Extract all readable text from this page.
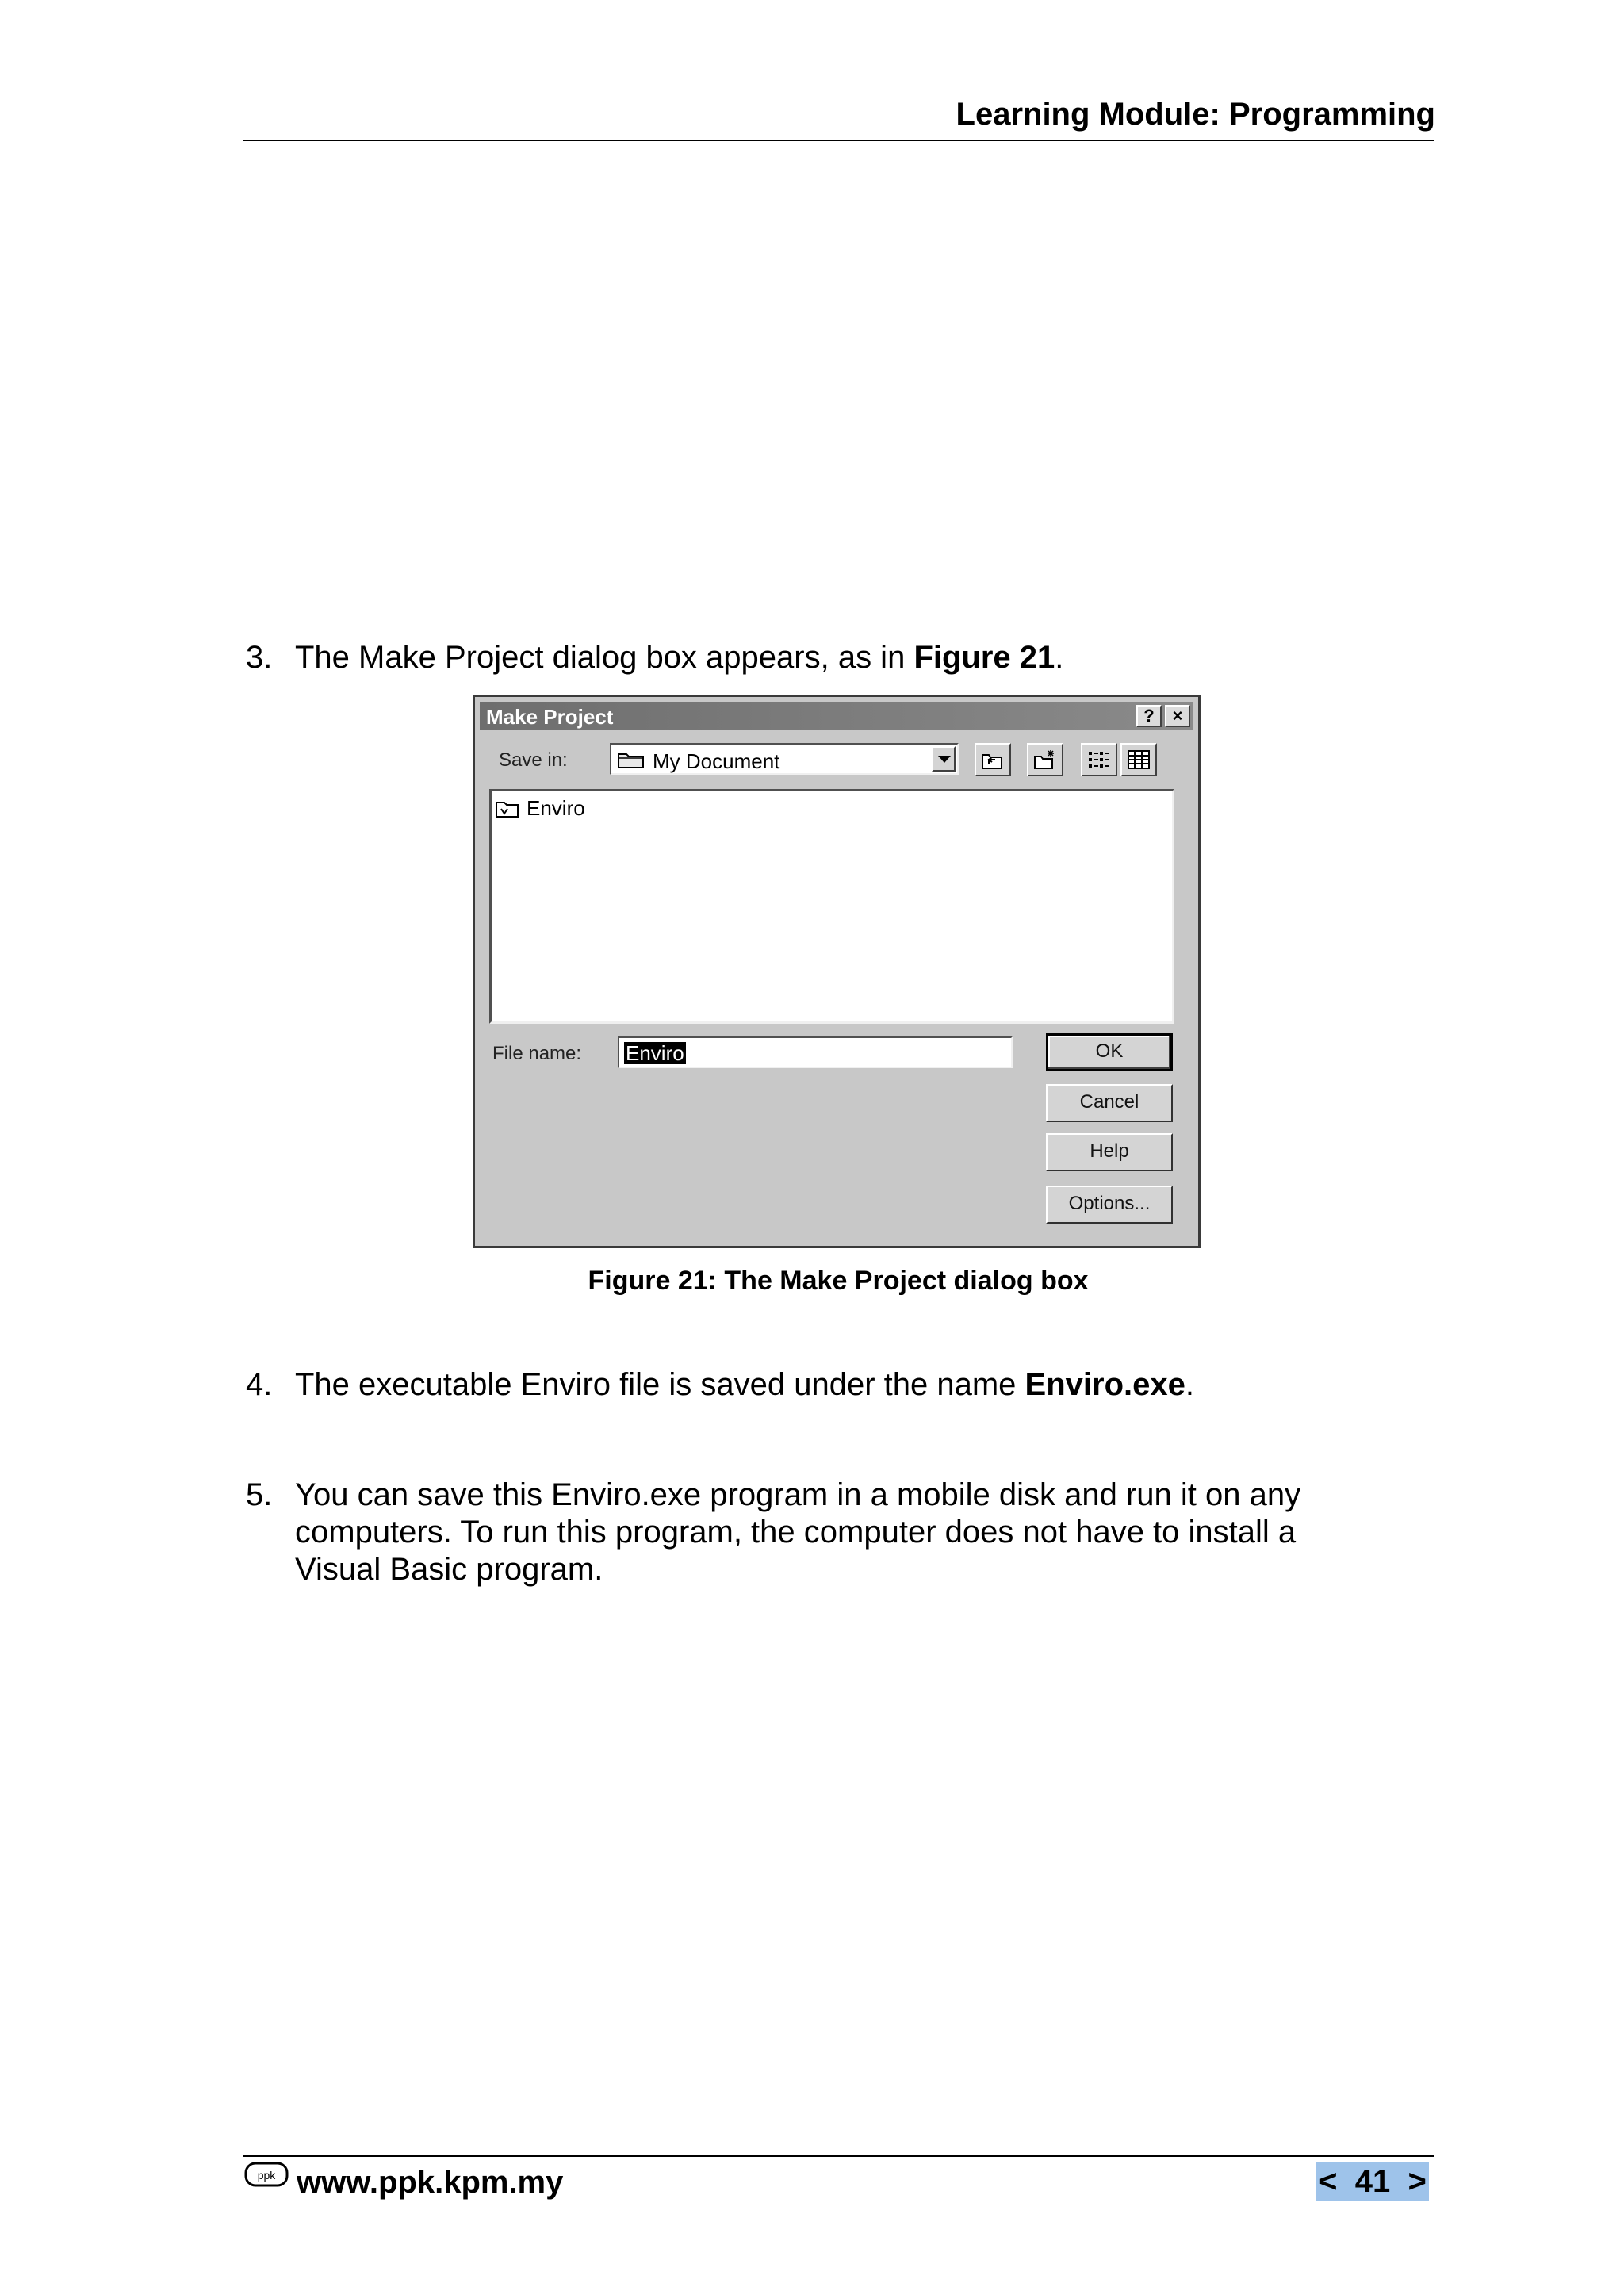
Learning Module: Programming
3. The Make Project dialog box appears, as in Figure 21.
Make Project	?	×
Save in:	My Document
Enviro
File name: Enviro	OK
Cancel
Help
Options...
Figure 21: The Make Project dialog box
4. The executable Enviro file is saved under the name Enviro.exe.
5. You can save this Enviro.exe program in a mobile disk and run it on any
computers. To run this program, the computer does not have to install a
Visual Basic program.
ppk www.ppk.kpm.my	<  41  >
